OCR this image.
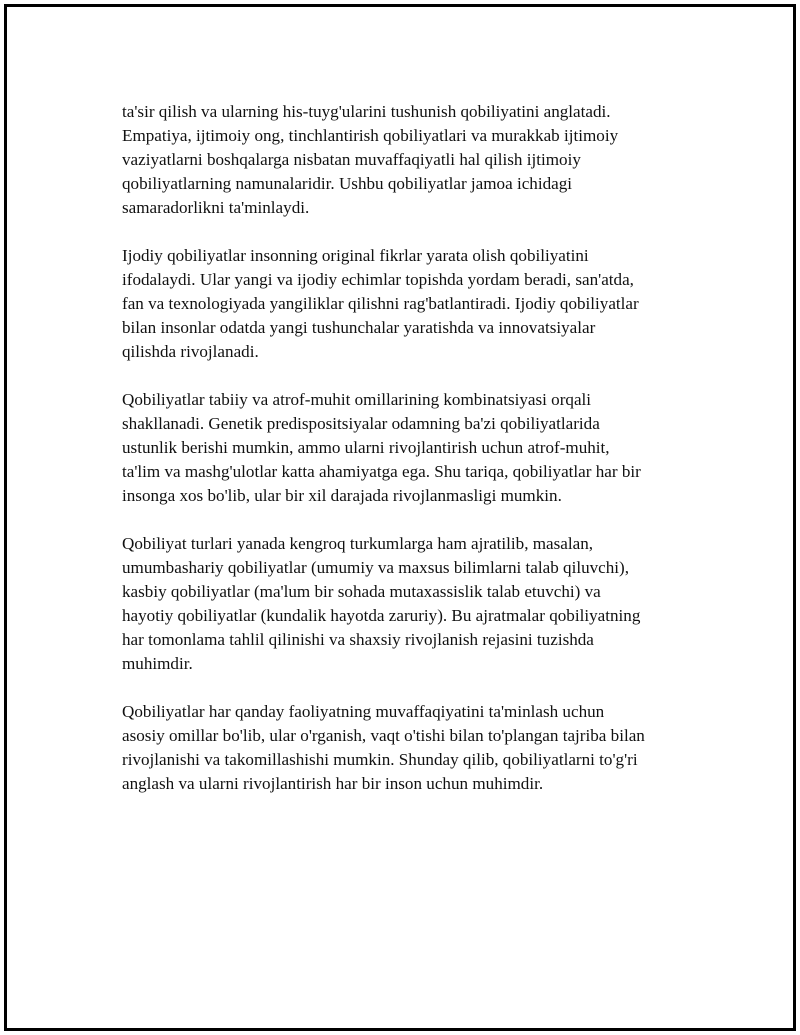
ta'sir qilish va ularning his-tuyg'ularini tushunish qobiliyatini anglatadi.
Empatiya, ijtimoiy ong, tinchlantirish qobiliyatlari va murakkab ijtimoiy
vaziyatlarni boshqalarga nisbatan muvaffaqiyatli hal qilish ijtimoiy
qobiliyatlarning namunalaridir. Ushbu qobiliyatlar jamoa ichidagi
samaradorlikni ta'minlaydi.

Ijodiy qobiliyatlar insonning original fikrlar yarata olish qobiliyatini
ifodalaydi. Ular yangi va ijodiy echimlar topishda yordam beradi, san'atda,
fan va texnologiyada yangiliklar qilishni rag'batlantiradi. Ijodiy qobiliyatlar
bilan insonlar odatda yangi tushunchalar yaratishda va innovatsiyalar
qilishda rivojlanadi.

Qobiliyatlar tabiiy va atrof-muhit omillarining kombinatsiyasi orqali
shakllanadi. Genetik predispositsiyalar odamning ba'zi qobiliyatlarida
ustunlik berishi mumkin, ammo ularni rivojlantirish uchun atrof-muhit,
ta'lim va mashg'ulotlar katta ahamiyatga ega. Shu tariqa, qobiliyatlar har bir
insonga xos bo'lib, ular bir xil darajada rivojlanmasligi mumkin.

Qobiliyat turlari yanada kengroq turkumlarga ham ajratilib, masalan,
umumbashariy qobiliyatlar (umumiy va maxsus bilimlarni talab qiluvchi),
kasbiy qobiliyatlar (ma'lum bir sohada mutaxassislik talab etuvchi) va
hayotiy qobiliyatlar (kundalik hayotda zaruriy). Bu ajratmalar qobiliyatning
har tomonlama tahlil qilinishi va shaxsiy rivojlanish rejasini tuzishda
muhimdir.

Qobiliyatlar har qanday faoliyatning muvaffaqiyatini ta'minlash uchun
asosiy omillar bo'lib, ular o'rganish, vaqt o'tishi bilan to'plangan tajriba bilan
rivojlanishi va takomillashishi mumkin. Shunday qilib, qobiliyatlarni to'g'ri
anglash va ularni rivojlantirish har bir inson uchun muhimdir.
